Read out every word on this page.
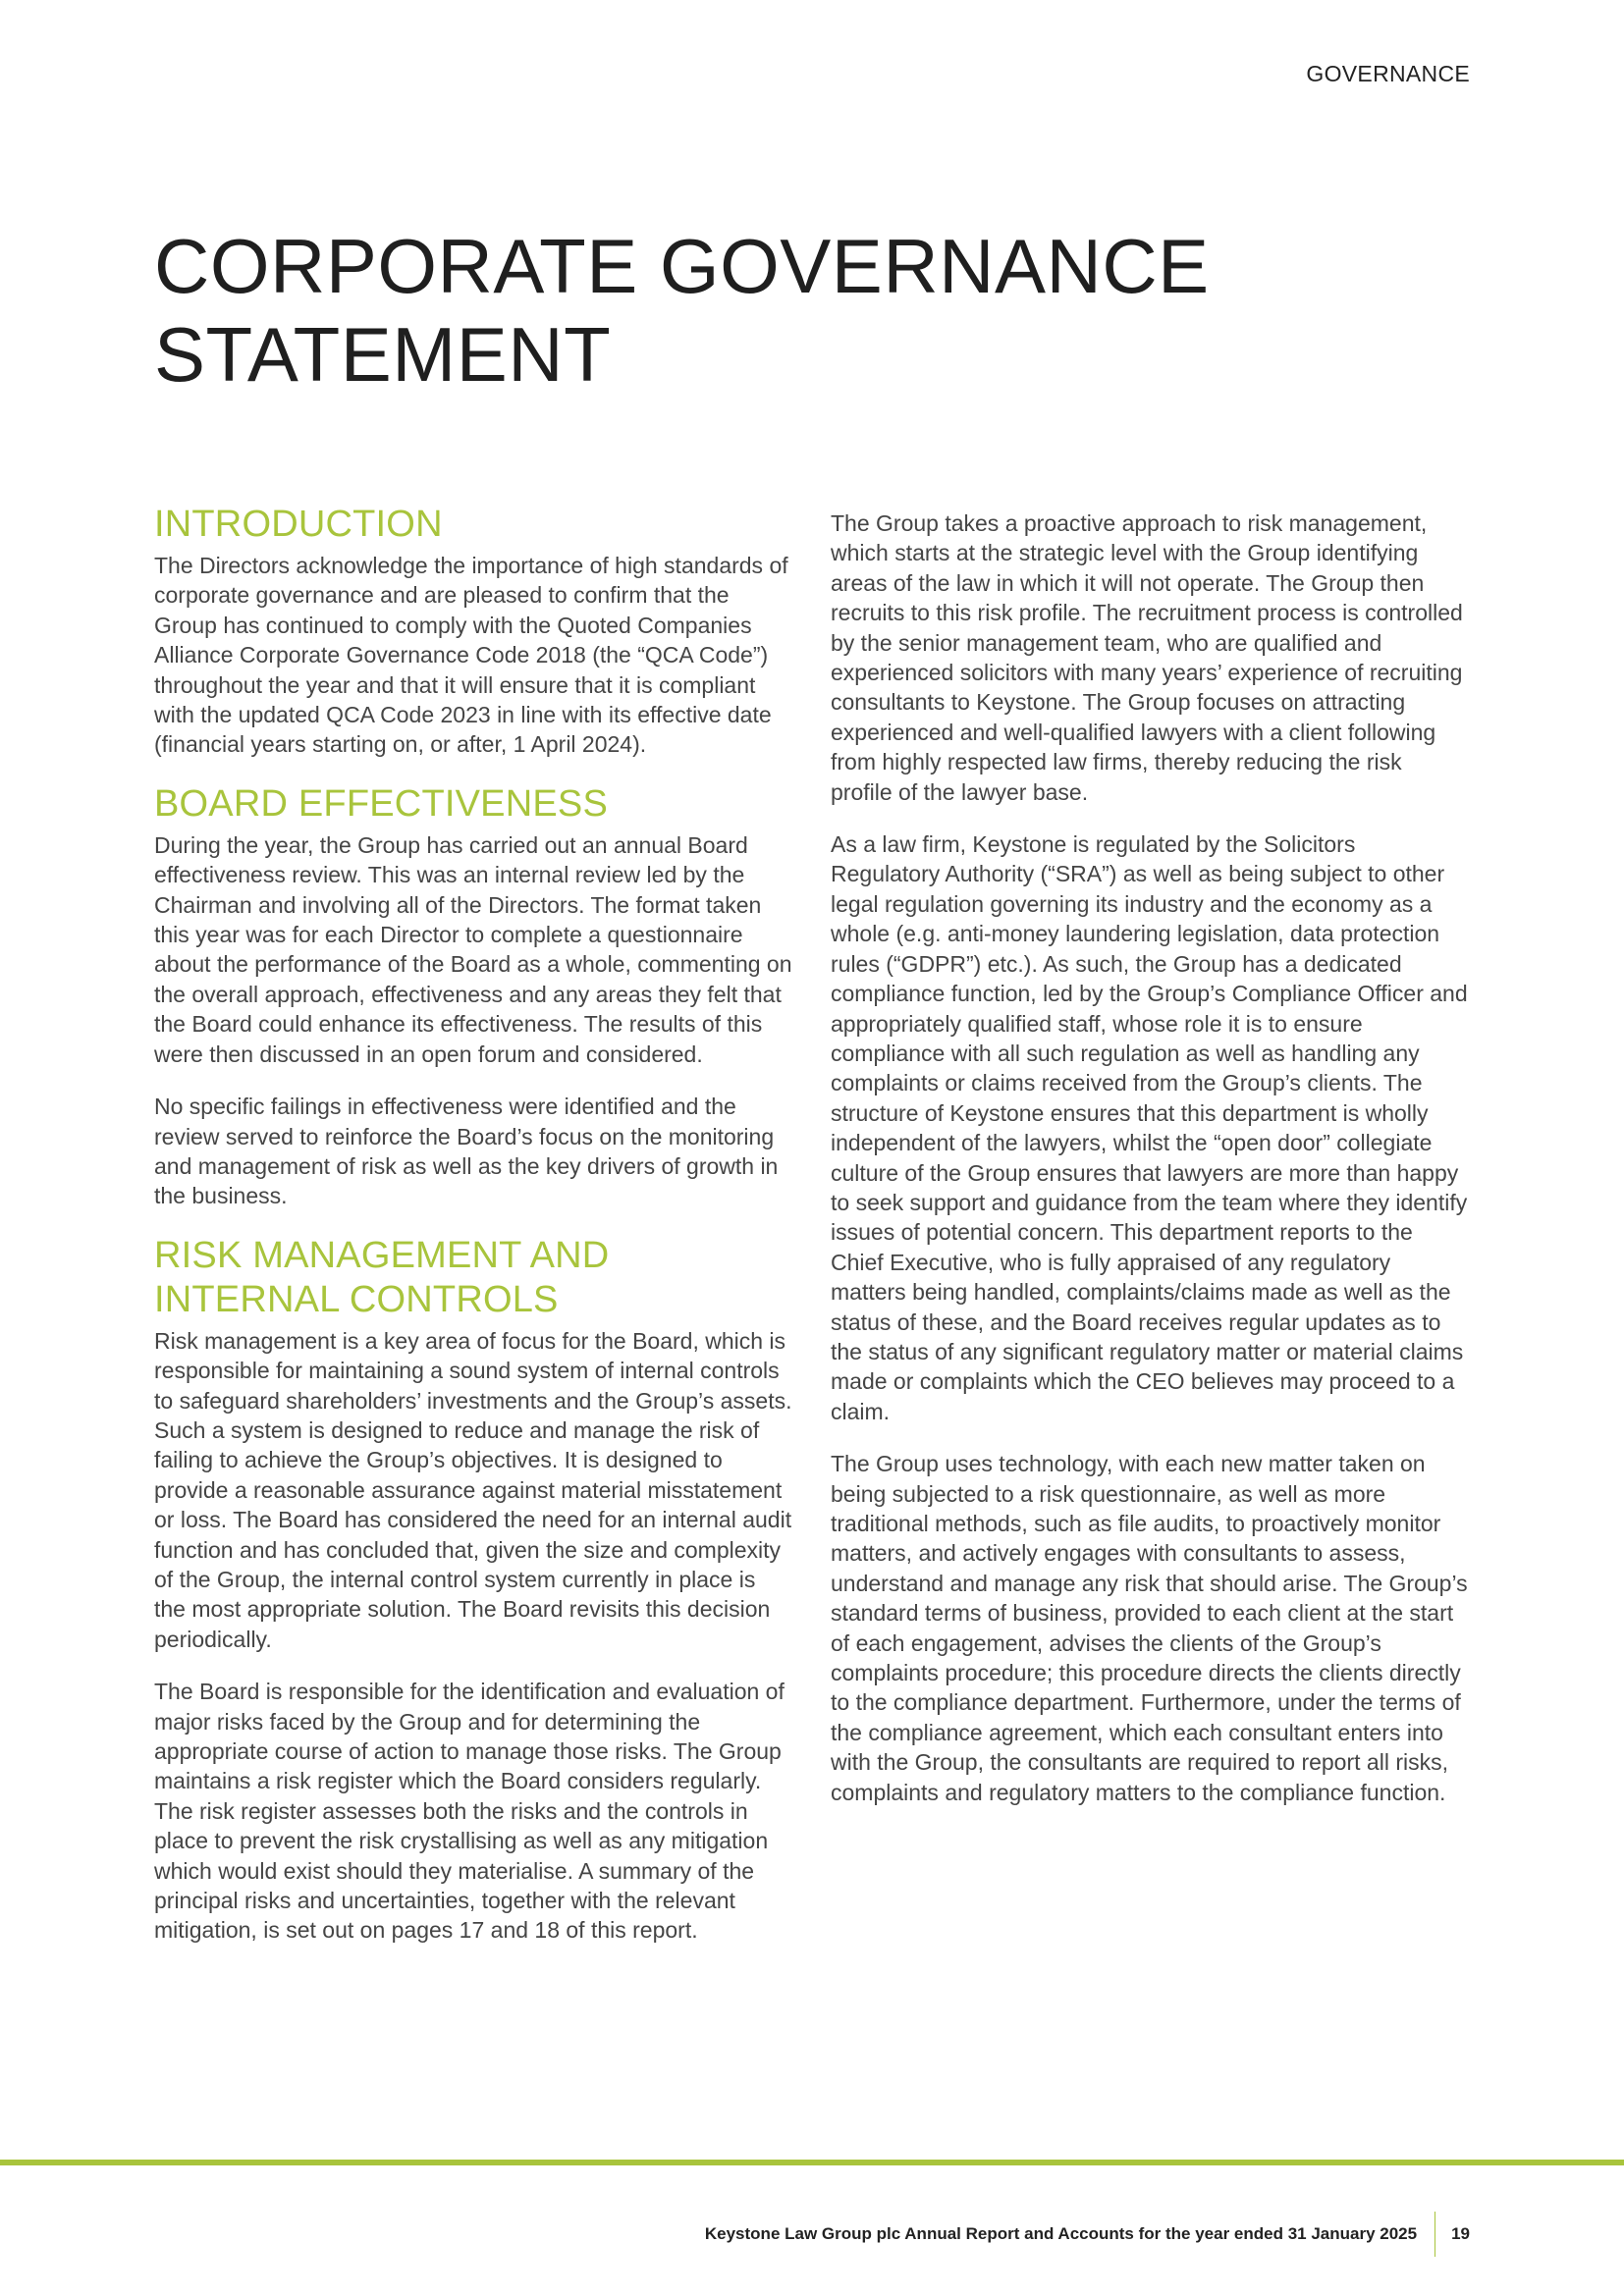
GOVERNANCE
CORPORATE GOVERNANCE
STATEMENT
INTRODUCTION

The Directors acknowledge the importance of high standards of corporate governance and are pleased to confirm that the Group has continued to comply with the Quoted Companies Alliance Corporate Governance Code 2018 (the “QCA Code”) throughout the year and that it will ensure that it is compliant with the updated QCA Code 2023 in line with its effective date (financial years starting on, or after, 1 April 2024).

BOARD EFFECTIVENESS

During the year, the Group has carried out an annual Board effectiveness review. This was an internal review led by the Chairman and involving all of the Directors. The format taken this year was for each Director to complete a questionnaire about the performance of the Board as a whole, commenting on the overall approach, effectiveness and any areas they felt that the Board could enhance its effectiveness. The results of this were then discussed in an open forum and considered.

No specific failings in effectiveness were identified and the review served to reinforce the Board’s focus on the monitoring and management of risk as well as the key drivers of growth in the business.

RISK MANAGEMENT AND
INTERNAL CONTROLS

Risk management is a key area of focus for the Board, which is responsible for maintaining a sound system of internal controls to safeguard shareholders’ investments and the Group’s assets. Such a system is designed to reduce and manage the risk of failing to achieve the Group’s objectives. It is designed to provide a reasonable assurance against material misstatement or loss. The Board has considered the need for an internal audit function and has concluded that, given the size and complexity of the Group, the internal control system currently in place is the most appropriate solution. The Board revisits this decision periodically.

The Board is responsible for the identification and evaluation of major risks faced by the Group and for determining the appropriate course of action to manage those risks. The Group maintains a risk register which the Board considers regularly. The risk register assesses both the risks and the controls in place to prevent the risk crystallising as well as any mitigation which would exist should they materialise. A summary of the principal risks and uncertainties, together with the relevant mitigation, is set out on pages 17 and 18 of this report.

The Group takes a proactive approach to risk management, which starts at the strategic level with the Group identifying areas of the law in which it will not operate. The Group then recruits to this risk profile. The recruitment process is controlled by the senior management team, who are qualified and experienced solicitors with many years’ experience of recruiting consultants to Keystone. The Group focuses on attracting experienced and well-qualified lawyers with a client following from highly respected law firms, thereby reducing the risk profile of the lawyer base.

As a law firm, Keystone is regulated by the Solicitors Regulatory Authority (“SRA”) as well as being subject to other legal regulation governing its industry and the economy as a whole (e.g. anti-money laundering legislation, data protection rules (“GDPR”) etc.). As such, the Group has a dedicated compliance function, led by the Group’s Compliance Officer and appropriately qualified staff, whose role it is to ensure compliance with all such regulation as well as handling any complaints or claims received from the Group’s clients. The structure of Keystone ensures that this department is wholly independent of the lawyers, whilst the “open door” collegiate culture of the Group ensures that lawyers are more than happy to seek support and guidance from the team where they identify issues of potential concern. This department reports to the Chief Executive, who is fully appraised of any regulatory matters being handled, complaints/claims made as well as the status of these, and the Board receives regular updates as to the status of any significant regulatory matter or material claims made or complaints which the CEO believes may proceed to a claim.

The Group uses technology, with each new matter taken on being subjected to a risk questionnaire, as well as more traditional methods, such as file audits, to proactively monitor matters, and actively engages with consultants to assess, understand and manage any risk that should arise. The Group’s standard terms of business, provided to each client at the start of each engagement, advises the clients of the Group’s complaints procedure; this procedure directs the clients directly to the compliance department. Furthermore, under the terms of the compliance agreement, which each consultant enters into with the Group, the consultants are required to report all risks, complaints and regulatory matters to the compliance function.

Keystone Law Group plc Annual Report and Accounts for the year ended 31 January 2025 19
